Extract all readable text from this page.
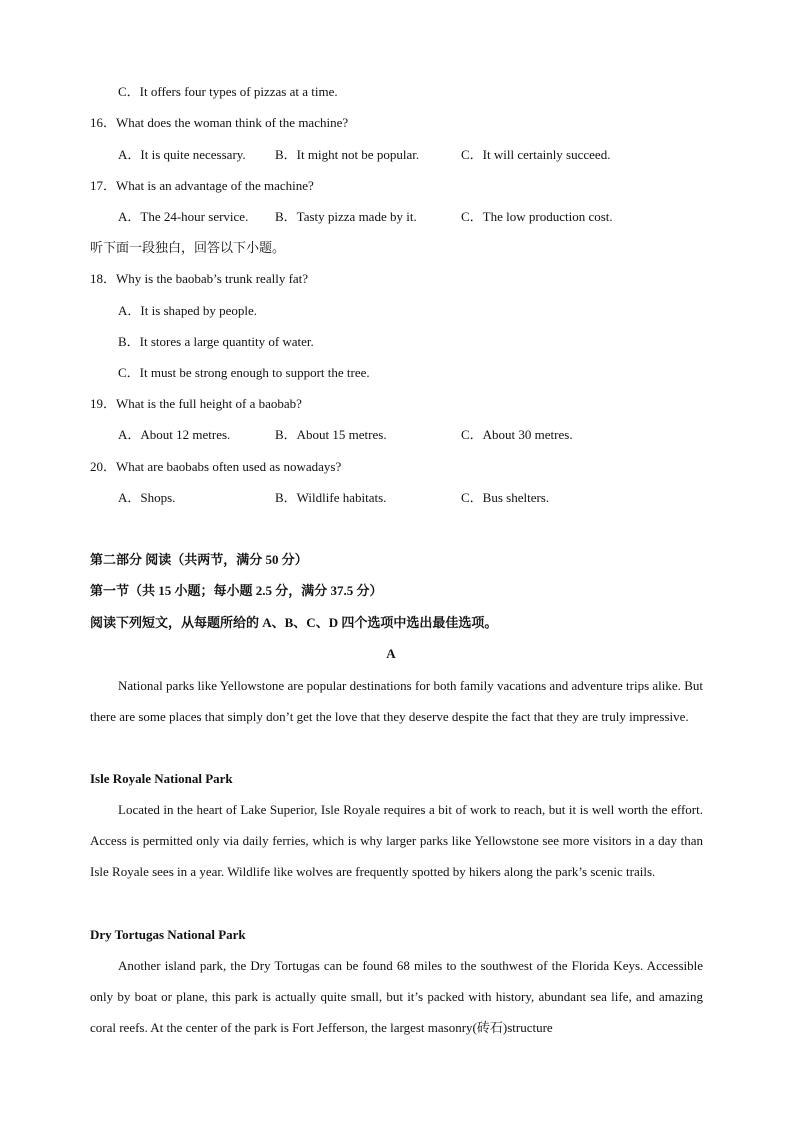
C．It offers four types of pizzas at a time.
16．What does the woman think of the machine?
A．It is quite necessary. B．It might not be popular.	C．It will certainly succeed.
17．What is an advantage of the machine?
A．The 24-hour service. B．Tasty pizza made by it.	C．The low production cost.
听下面一段独白，回答以下小题。
18．Why is the baobab’s trunk really fat?
A．It is shaped by people.
B．It stores a large quantity of water.
C．It must be strong enough to support the tree.
19．What is the full height of a baobab?
A．About 12 metres.	B．About 15 metres.	C．About 30 metres.
20．What are baobabs often used as nowadays?
A．Shops.	B．Wildlife habitats.	C．Bus shelters.
第二部分 阅读（共两节，满分 50 分）
第一节（共 15 小题；每小题 2.5 分，满分 37.5 分）
阅读下列短文，从每题所给的 A、B、C、D 四个选项中选出最佳选项。
A
National parks like Yellowstone are popular destinations for both family vacations and adventure trips alike. But there are some places that simply don’t get the love that they deserve despite the fact that they are truly impressive.
Isle Royale National Park
Located in the heart of Lake Superior, Isle Royale requires a bit of work to reach, but it is well worth the effort. Access is permitted only via daily ferries, which is why larger parks like Yellowstone see more visitors in a day than Isle Royale sees in a year. Wildlife like wolves are frequently spotted by hikers along the park’s scenic trails.
Dry Tortugas National Park
Another island park, the Dry Tortugas can be found 68 miles to the southwest of the Florida Keys. Accessible only by boat or plane, this park is actually quite small, but it’s packed with history, abundant sea life, and amazing coral reefs. At the center of the park is Fort Jefferson, the largest masonry(砖石)structure
